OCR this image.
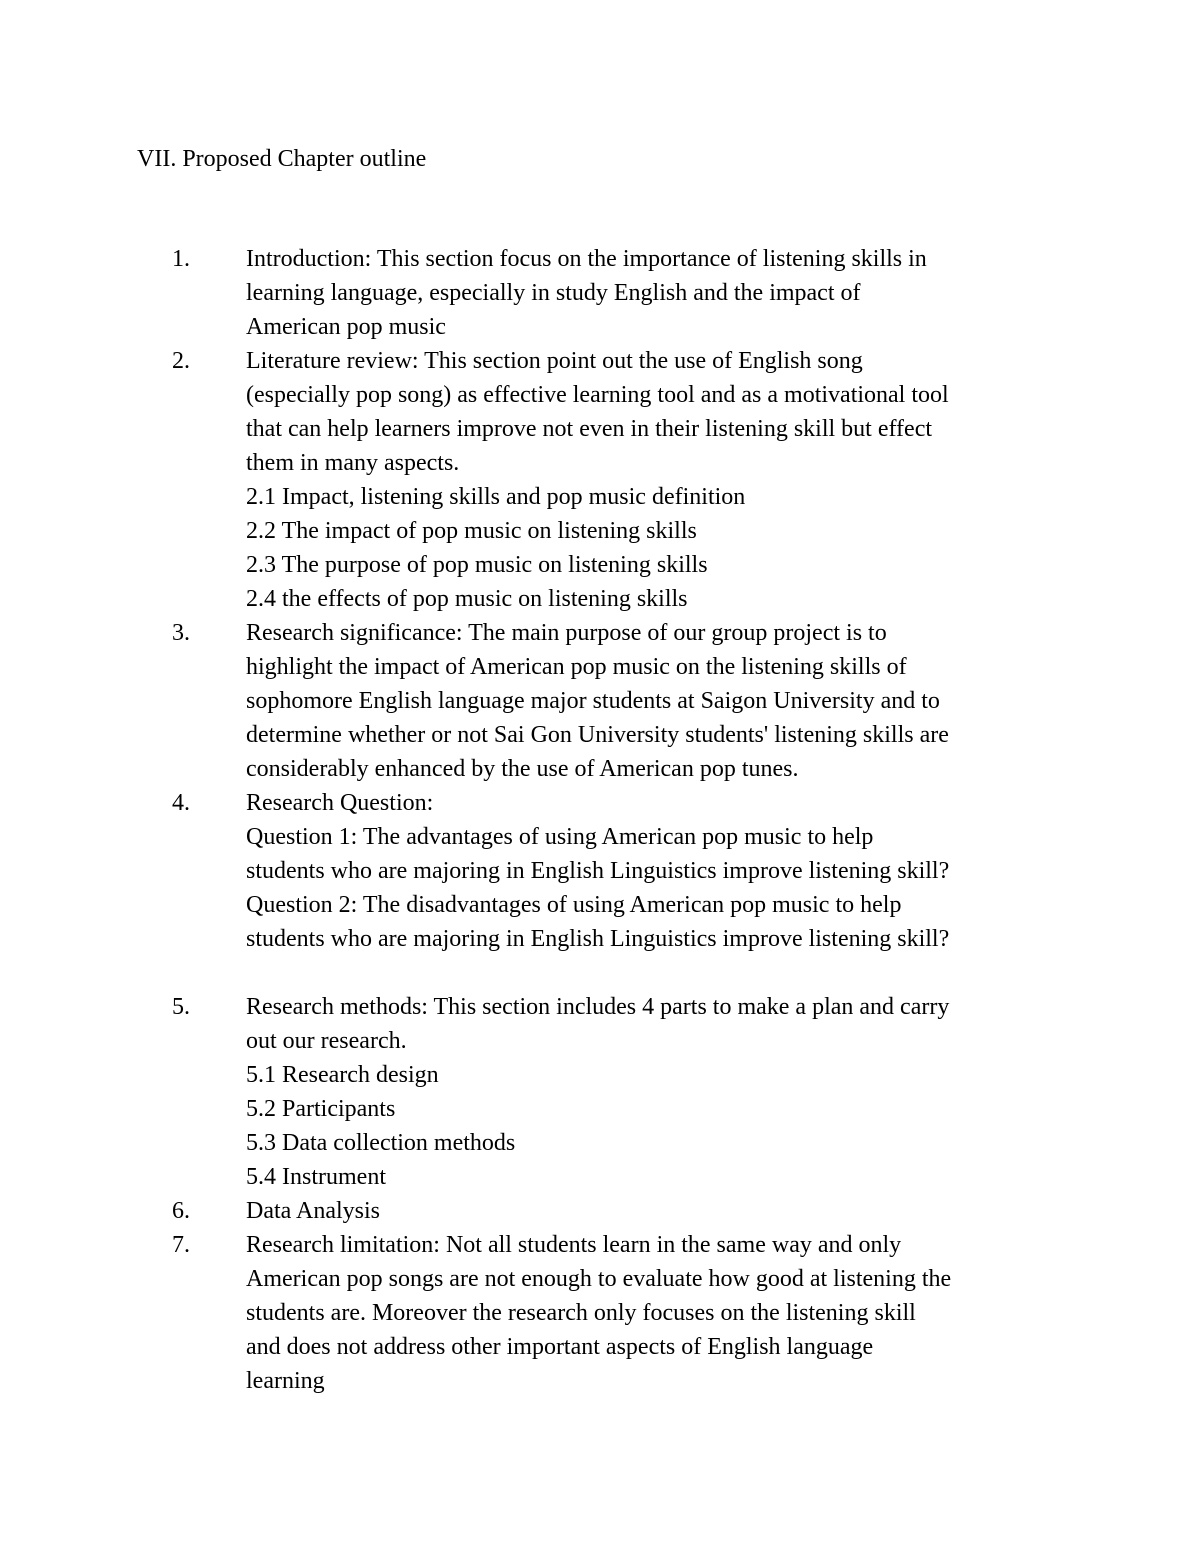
VII. Proposed Chapter outline
1. Introduction: This section focus on the importance of listening skills in
learning language, especially in study English and the impact of
American pop music
2. Literature review: This section point out the use of English song
(especially pop song) as effective learning tool and as a motivational tool
that can help learners improve not even in their listening skill but effect
them in many aspects.
2.1 Impact, listening skills and pop music definition
2.2 The impact of pop music on listening skills
2.3 The purpose of pop music on listening skills
2.4 the effects of pop music on listening skills
3. Research significance: The main purpose of our group project is to
highlight the impact of American pop music on the listening skills of
sophomore English language major students at Saigon University and to
determine whether or not Sai Gon University students' listening skills are
considerably enhanced by the use of American pop tunes.
4. Research Question:
Question 1: The advantages of using American pop music to help
students who are majoring in English Linguistics improve listening skill?
Question 2: The disadvantages of using American pop music to help
students who are majoring in English Linguistics improve listening skill?
5. Research methods: This section includes 4 parts to make a plan and carry
out our research.
5.1 Research design
5.2 Participants
5.3 Data collection methods
5.4 Instrument
6. Data Analysis
7. Research limitation: Not all students learn in the same way and only
American pop songs are not enough to evaluate how good at listening the
students are. Moreover the research only focuses on the listening skill
and does not address other important aspects of English language
learning
